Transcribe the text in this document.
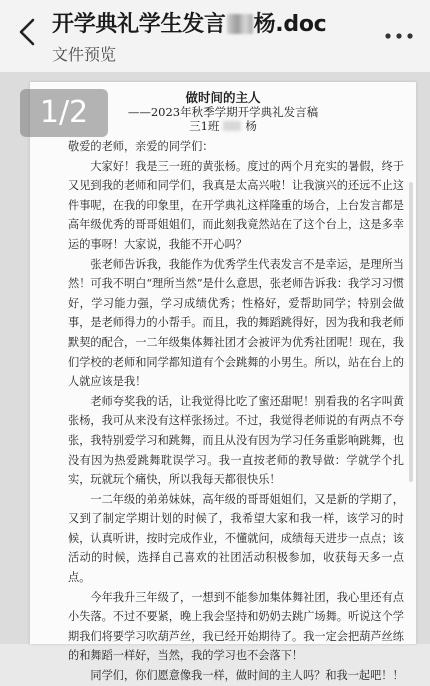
开学典礼学生发言 杨.doc
文件预览
做时间的主人
——2023年秋季学期开学典礼发言稿
三1班 杨

敬爱的老师，亲爱的同学们：

大家好！我是三一班的黄张杨。度过的两个月充实的暑假，终于又见到我的老师和同学们，我真是太高兴啦！让我演兴的还远不止这件事呢，在我的印象里，在开学典礼这样隆重的场合，上台发言都是高年级优秀的哥哥姐姐们，而此刻我竟然站在了这个台上，这是多幸运的事呀！大家说，我能不开心吗？

张老师告诉我，我能作为优秀学生代表发言不是幸运，是理所当然！可我不明白“理所当然”是什么意思，张老师告诉我：我学习习惯好，学习能力强，学习成绩优秀；性格好，爱帮助同学；特别会做事，是老师得力的小帮手。而且，我的舞蹈跳得好，因为我和我老师默契的配合，一二年级集体舞社团才会被评为优秀社团呢！现在，我们学校的老师和同学都知道有个会跳舞的小男生。所以，站在台上的人就应该是我！

老师夸奖我的话，让我觉得比吃了蜜还甜呢！别看我的名字叫黄张杨，我可从来没有这样张扬过。不过，我觉得老师说的有两点不夸张，我特别爱学习和跳舞，而且从没有因为学习任务重影响跳舞，也没有因为热爱跳舞耽误学习。我一直按老师的教导做：学就学个扎实，玩就玩个痛快，所以我每天都很快乐！

一二年级的弟弟妹妹，高年级的哥哥姐姐们，又是新的学期了，又到了制定学期计划的时候了，我希望大家和我一样，该学习的时候，认真听讲，按时完成作业，不懂就问，成绩每天进步一点点；该活动的时候，选择自己喜欢的社团活动积极参加，收获每天多一点点。

今年我升三年级了，一想到不能参加集体舞社团，我心里还有点小失落。不过不要紧，晚上我会坚持和奶奶去跳广场舞。听说这个学期我们将要学习吹葫芦丝，我已经开始期待了。我一定会把葫芦丝练的和舞蹈一样好，当然，我的学习也不会落下！

同学们，你们愿意像我一样，做时间的主人吗？和我一起吧！！

1/2
